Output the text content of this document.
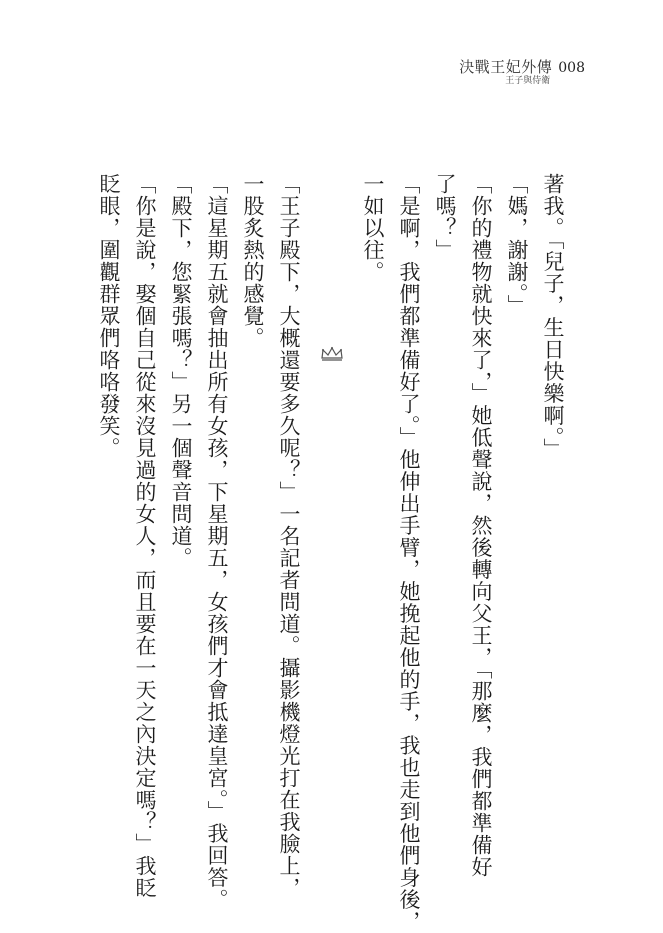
決戰王妃外傳
王子與侍衛
008
著我。「兒子，生日快樂啊。」
「媽，謝謝。」
「你的禮物就快來了，」她低聲說，然後轉向父王，「那麼，我們都準備好
了嗎？」
「是啊，我們都準備好了。」他伸出手臂，她挽起他的手，我也走到他們身後，
一如以往。
「王子殿下，大概還要多久呢？」一名記者問道。攝影機燈光打在我臉上，
一股炙熱的感覺。
「這星期五就會抽出所有女孩，下星期五，女孩們才會抵達皇宮。」我回答。
「殿下，您緊張嗎？」另一個聲音問道。
「你是說，娶個自己從來沒見過的女人，而且要在一天之內決定嗎？」我眨
眨眼，圍觀群眾們咯咯發笑。
